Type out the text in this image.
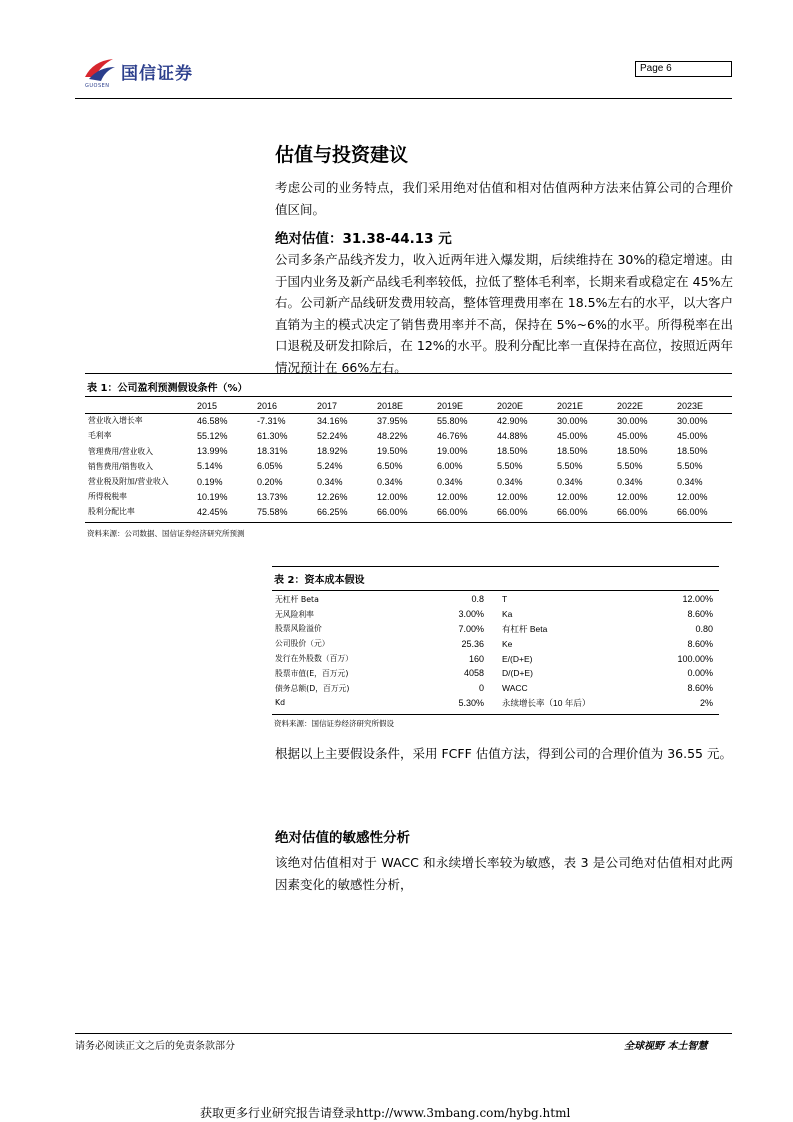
国信证券
GUOSEN
Page 6
估值与投资建议
考虑公司的业务特点，我们采用绝对估值和相对估值两种方法来估算公司的合理价值区间。
绝对估值：31.38-44.13 元
公司多条产品线齐发力，收入近两年进入爆发期，后续维持在 30%的稳定增速。由于国内业务及新产品线毛利率较低，拉低了整体毛利率，长期来看或稳定在 45%左右。公司新产品线研发费用较高，整体管理费用率在 18.5%左右的水平，以大客户直销为主的模式决定了销售费用率并不高，保持在 5%~6%的水平。所得税率在出口退税及研发扣除后，在 12%的水平。股利分配比率一直保持在高位，按照近两年情况预计在 66%左右。
表 1：公司盈利预测假设条件（%）
	2015	2016	2017	2018E	2019E	2020E	2021E	2022E	2023E
营业收入增长率	46.58%	-7.31%	34.16%	37.95%	55.80%	42.90%	30.00%	30.00%	30.00%
毛利率	55.12%	61.30%	52.24%	48.22%	46.76%	44.88%	45.00%	45.00%	45.00%
管理费用/营业收入	13.99%	18.31%	18.92%	19.50%	19.00%	18.50%	18.50%	18.50%	18.50%
销售费用/销售收入	5.14%	6.05%	5.24%	6.50%	6.00%	5.50%	5.50%	5.50%	5.50%
营业税及附加/营业收入	0.19%	0.20%	0.34%	0.34%	0.34%	0.34%	0.34%	0.34%	0.34%
所得税税率	10.19%	13.73%	12.26%	12.00%	12.00%	12.00%	12.00%	12.00%	12.00%
股利分配比率	42.45%	75.58%	66.25%	66.00%	66.00%	66.00%	66.00%	66.00%	66.00%
资料来源：公司数据、国信证券经济研究所预测
表 2：资本成本假设
无杠杆 Beta	0.8	T	12.00%
无风险利率	3.00%	Ka	8.60%
股票风险溢价	7.00%	有杠杆 Beta	0.80
公司股价（元）	25.36	Ke	8.60%
发行在外股数（百万）	160	E/(D+E)	100.00%
股票市值(E，百万元)	4058	D/(D+E)	0.00%
债务总额(D，百万元)	0	WACC	8.60%
Kd	5.30%	永续增长率（10 年后）	2%
资料来源：国信证券经济研究所假设
根据以上主要假设条件，采用 FCFF 估值方法，得到公司的合理价值为 36.55 元。
绝对估值的敏感性分析
该绝对估值相对于 WACC 和永续增长率较为敏感，表 3 是公司绝对估值相对此两因素变化的敏感性分析，
请务必阅读正文之后的免责条款部分	全球视野 本土智慧
获取更多行业研究报告请登录http://www.3mbang.com/hybg.html
